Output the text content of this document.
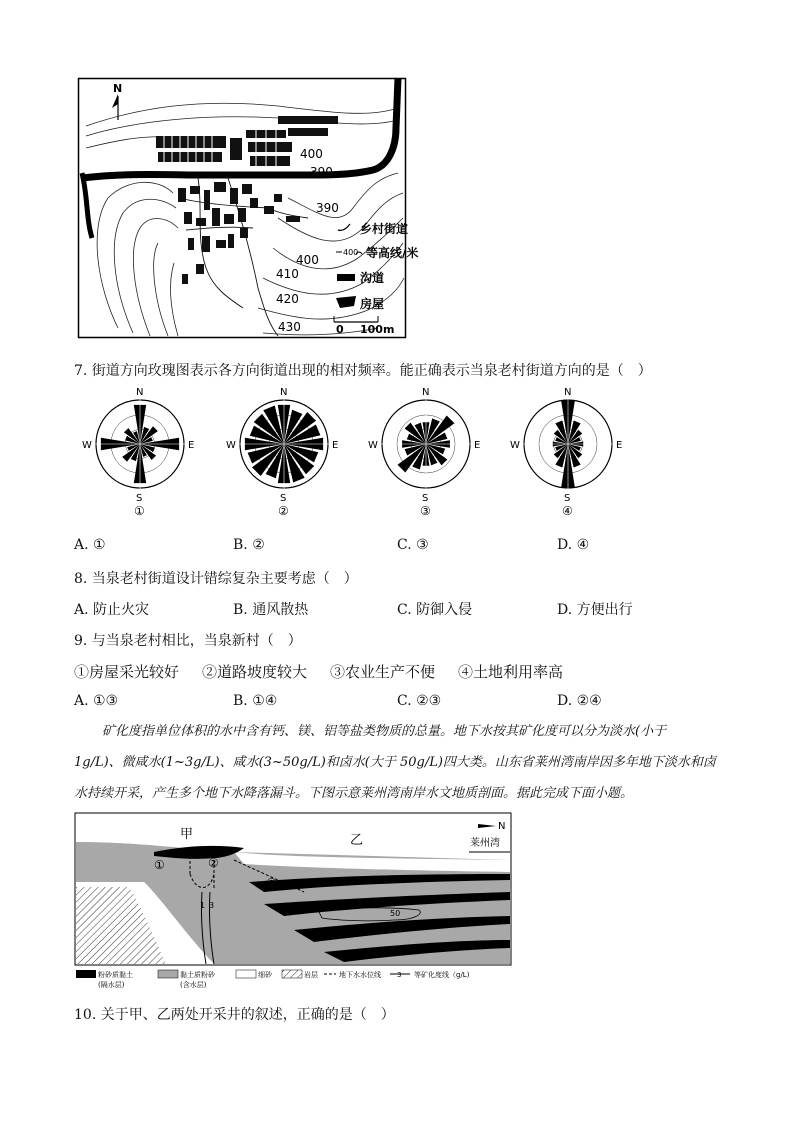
N
400
390
390
400
410
420
430
乡村街道
400 等高线/米
沟道
房屋
0 100m
7. 街道方向玫瑰图表示各方向街道出现的相对频率。能正确表示当泉老村街道方向的是（　）
N
S
W	E
①
N
S
W	E
②
N
S
W	E
③
N
S
W	E
④
A. ①	B. ②	C. ③	D. ④
8. 当泉老村街道设计错综复杂主要考虑（　）
A. 防止火灾	B. 通风散热	C. 防御入侵	D. 方便出行
9. 与当泉老村相比，当泉新村（　）
①房屋采光较好 ②道路坡度较大 ③农业生产不便 ④土地利用率高
A. ①③	B. ①④	C. ②③	D. ②④
矿化度指单位体积的水中含有钙、镁、铝等盐类物质的总量。地下水按其矿化度可以分为淡水(小于
1g/L)、微咸水(1~3g/L)、咸水(3~50g/L)和卤水(大于 50g/L)四大类。山东省莱州湾南岸因多年地下淡水和卤
水持续开采，产生多个地下水降落漏斗。下图示意莱州湾南岸水文地质剖面。据此完成下面小题。
50
1 3
①	②
③
甲	乙	莱州湾
N
粉砂质黏土
(隔水层)
黏土质粉砂
(含水层)
细砂	岩层	地下水水位线 3 等矿化度线（g/L)
10. 关于甲、乙两处开采井的叙述，正确的是（　）
